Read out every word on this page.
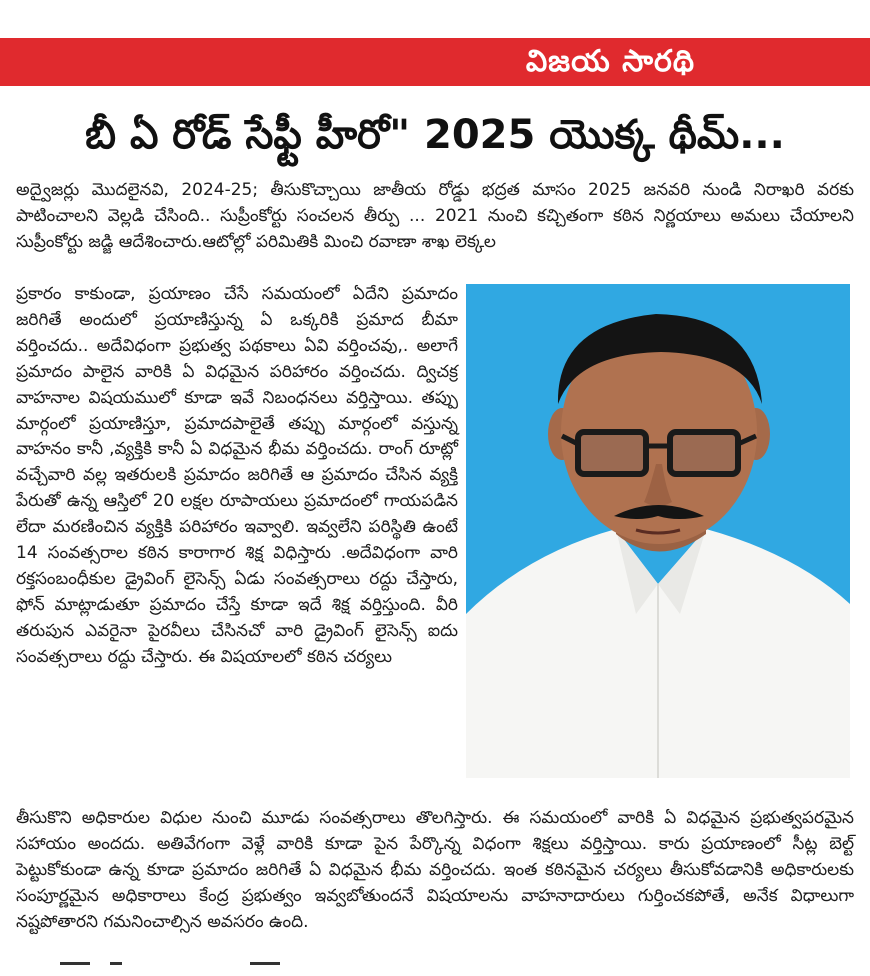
విజయ సారథి
బీ ఏ రోడ్ సేఫ్టీ హీరో" 2025 యొక్క థీమ్...

అద్వైజర్లు మొదలైనవి, 2024-25; తీసుకొచ్చాయి జాతీయ రోడ్డు భద్రత మాసం 2025 జనవరి నుండి నిరాఖరి వరకు పాటించాలని వెల్లడి చేసింది.. సుప్రీంకోర్టు సంచలన తీర్పు ... 2021 నుంచి కచ్చితంగా కఠిన నిర్ణయాలు అమలు చేయాలని సుప్రీంకోర్టు జడ్జి ఆదేశించారు.ఆటోల్లో పరిమితికి మించి రవాణా శాఖ లెక్కల

ప్రకారం కాకుండా, ప్రయాణం చేసే సమయంలో ఏదేని ప్రమాదం జరిగితే అందులో ప్రయాణిస్తున్న ఏ ఒక్కరికి ప్రమాద బీమా వర్తించదు.. అదేవిధంగా ప్రభుత్వ పథకాలు ఏవి వర్తించవు,. అలాగే ప్రమాదం పాలైన వారికి ఏ విధమైన పరిహారం వర్తించదు. ద్విచక్ర వాహనాల విషయములో కూడా ఇవే నిబంధనలు వర్తిస్తాయి. తప్పు మార్గంలో ప్రయాణిస్తూ, ప్రమాదపాలైతే తప్పు మార్గంలో వస్తున్న వాహనం కానీ ,వ్యక్తికి కానీ ఏ విధమైన భీమ వర్తించదు. రాంగ్ రూట్లో వచ్చేవారి వల్ల ఇతరులకి ప్రమాదం జరిగితే ఆ ప్రమాదం చేసిన వ్యక్తి పేరుతో ఉన్న ఆస్తిలో 20 లక్షల రూపాయలు ప్రమాదంలో గాయపడిన లేదా మరణించిన వ్యక్తికి పరిహారం ఇవ్వాలి. ఇవ్వలేని పరిస్థితి ఉంటే 14 సంవత్సరాల కఠిన కారాగార శిక్ష విధిస్తారు .అదేవిధంగా వారి రక్తసంబంధీకుల డ్రైవింగ్ లైసెన్స్ ఏడు సంవత్సరాలు రద్దు చేస్తారు, ఫోన్ మాట్లాడుతూ ప్రమాదం చేస్తే కూడా ఇదే శిక్ష వర్తిస్తుంది. వీరి తరుపున ఎవరైనా పైరవీలు చేసినచో వారి డ్రైవింగ్ లైసెన్స్ ఐదు సంవత్సరాలు రద్దు చేస్తారు. ఈ విషయాలలో కఠిన చర్యలు

తీసుకొని అధికారుల విధుల నుంచి మూడు సంవత్సరాలు తొలగిస్తారు. ఈ సమయంలో వారికి ఏ విధమైన ప్రభుత్వపరమైన సహాయం అందదు. అతివేగంగా వెళ్లే వారికి కూడా పైన పేర్కొన్న విధంగా శిక్షలు వర్తిస్తాయి. కారు ప్రయాణంలో సీట్ల బెల్ట్ పెట్టుకోకుండా ఉన్న కూడా ప్రమాదం జరిగితే ఏ విధమైన భీమ వర్తించదు. ఇంత కఠినమైన చర్యలు తీసుకోవడానికి అధికారులకు సంపూర్ణమైన అధికారాలు కేంద్ర ప్రభుత్వం ఇవ్వబోతుందనే విషయాలను వాహనాదారులు గుర్తించకపోతే, అనేక విధాలుగా నష్టపోతారని గమనించాల్సిన అవసరం ఉంది.
